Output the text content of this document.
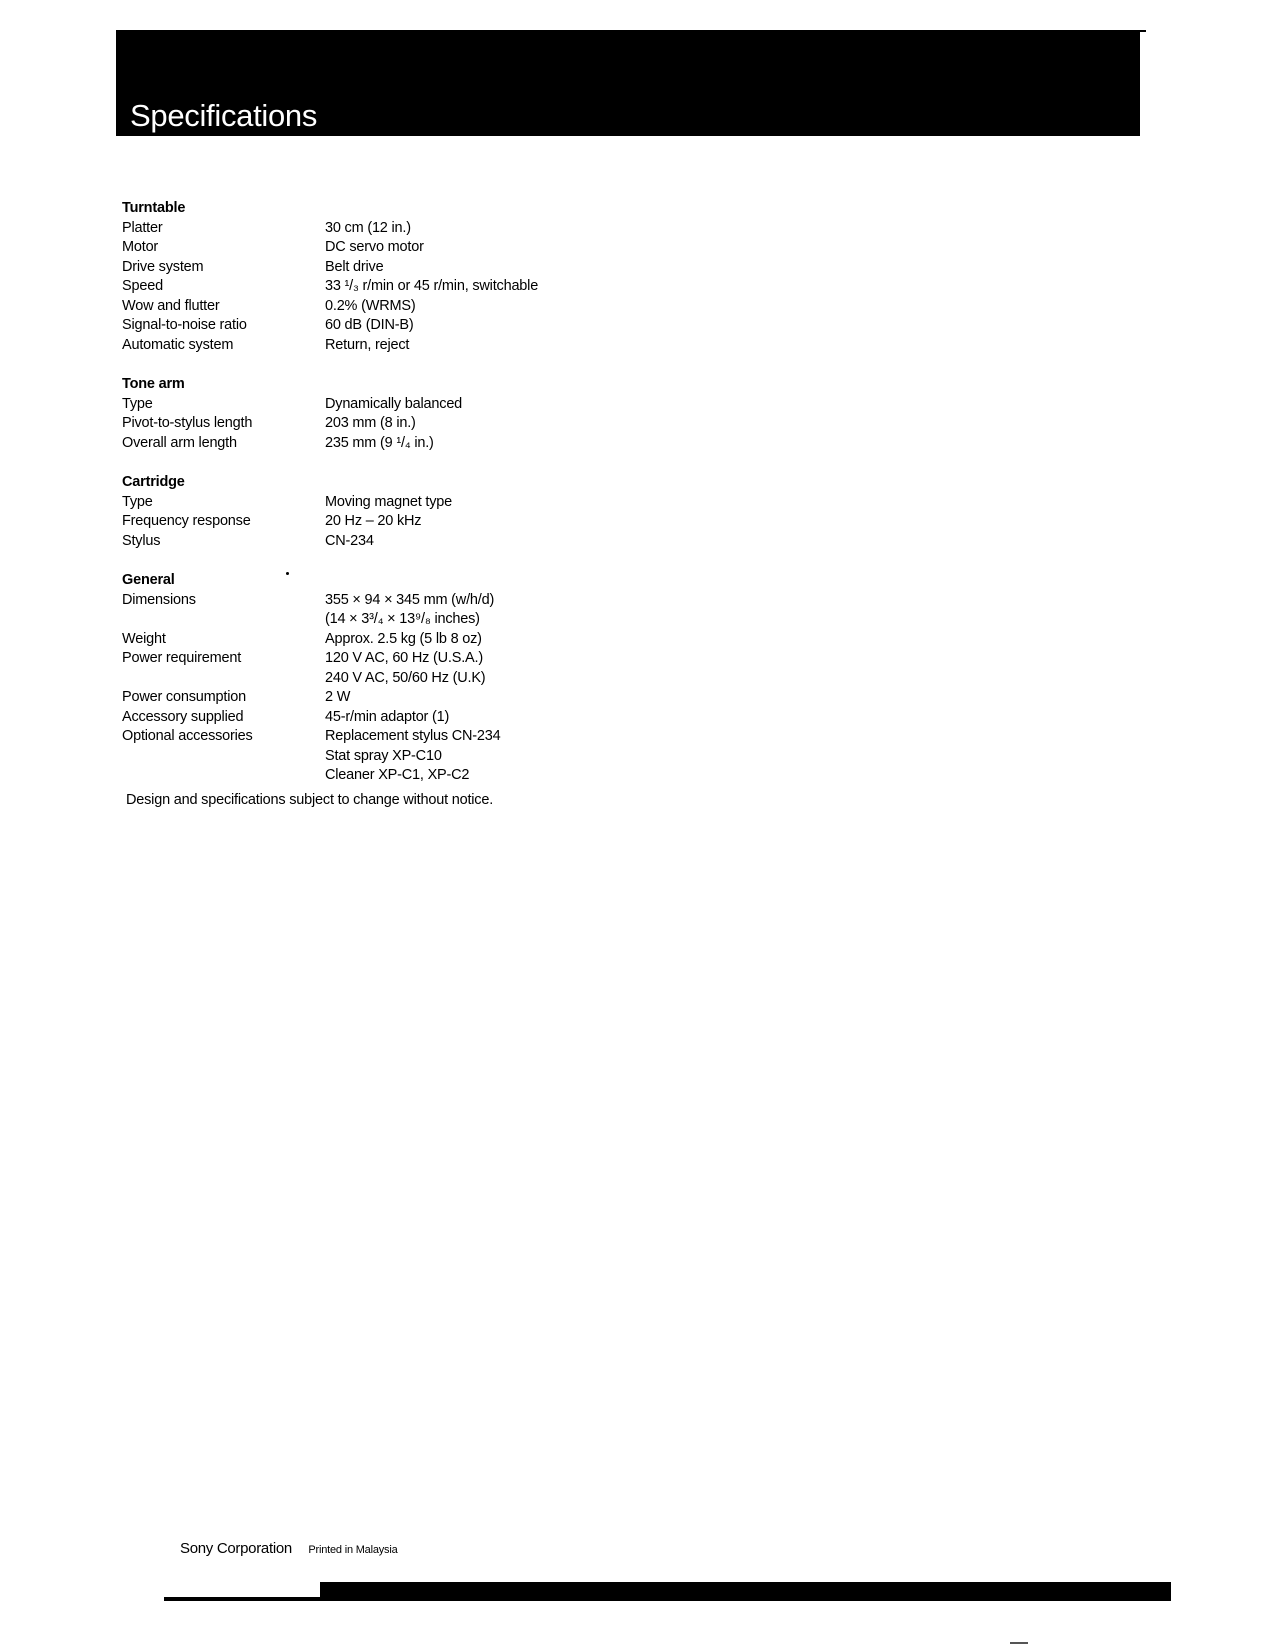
Specifications
Turntable
Platter	30 cm (12 in.)
Motor	DC servo motor
Drive system	Belt drive
Speed	33 ¹/₃ r/min or 45 r/min, switchable
Wow and flutter	0.2% (WRMS)
Signal-to-noise ratio	60 dB (DIN-B)
Automatic system	Return, reject
Tone arm
Type	Dynamically balanced
Pivot-to-stylus length	203 mm (8 in.)
Overall arm length	235 mm (9 ¹/₄ in.)
Cartridge
Type	Moving magnet type
Frequency response	20 Hz – 20 kHz
Stylus	CN-234
General
Dimensions	355 × 94 × 345 mm (w/h/d)
(14 × 3³/₄ × 13⁹/₈ inches)
Weight	Approx. 2.5 kg (5 lb 8 oz)
Power requirement	120 V AC, 60 Hz (U.S.A.)
240 V AC, 50/60 Hz (U.K)
Power consumption	2 W
Accessory supplied	45-r/min adaptor (1)
Optional accessories	Replacement stylus CN-234
Stat spray XP-C10
Cleaner XP-C1, XP-C2
Design and specifications subject to change without notice.
Sony Corporation Printed in Malaysia
